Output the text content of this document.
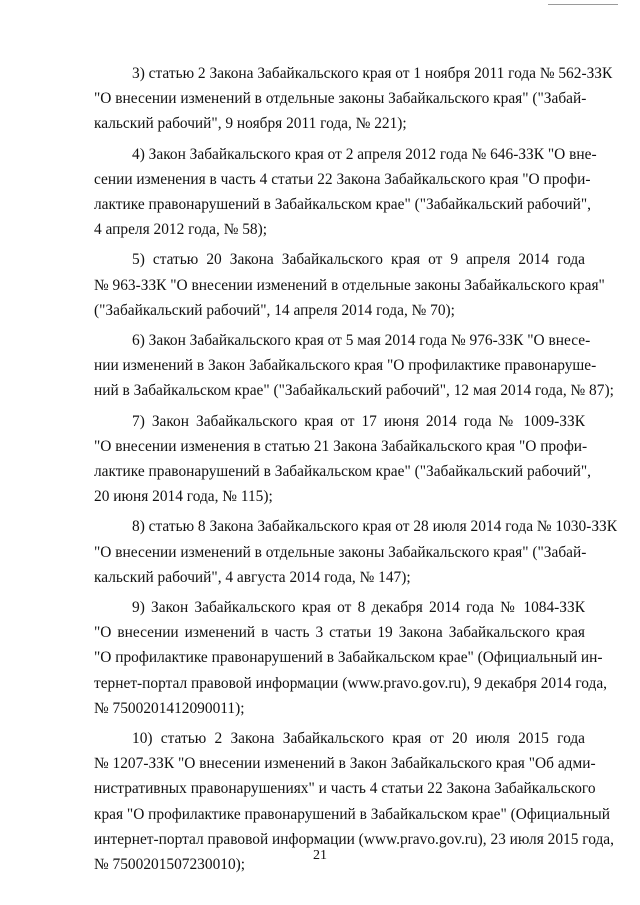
3) статью 2 Закона Забайкальского края от 1 ноября 2011 года № 562-ЗЗК
"О внесении изменений в отдельные законы Забайкальского края" ("Забай-
кальский рабочий", 9 ноября 2011 года, № 221);
4) Закон Забайкальского края от 2 апреля 2012 года № 646-ЗЗК "О вне-
сении изменения в часть 4 статьи 22 Закона Забайкальского края "О профи-
лактике правонарушений в Забайкальском крае" ("Забайкальский рабочий",
4 апреля 2012 года, № 58);
5) статью 20 Закона Забайкальского края от 9 апреля 2014 года
№ 963-ЗЗК "О внесении изменений в отдельные законы Забайкальского края"
("Забайкальский рабочий", 14 апреля 2014 года, № 70);
6) Закон Забайкальского края от 5 мая 2014 года № 976-ЗЗК "О внесе-
нии изменений в Закон Забайкальского края "О профилактике правонаруше-
ний в Забайкальском крае" ("Забайкальский рабочий", 12 мая 2014 года, № 87);
7) Закон Забайкальского края от 17 июня 2014 года № 1009-ЗЗК
"О внесении изменения в статью 21 Закона Забайкальского края "О профи-
лактике правонарушений в Забайкальском крае" ("Забайкальский рабочий",
20 июня 2014 года, № 115);
8) статью 8 Закона Забайкальского края от 28 июля 2014 года № 1030-ЗЗК
"О внесении изменений в отдельные законы Забайкальского края" ("Забай-
кальский рабочий", 4 августа 2014 года, № 147);
9) Закон Забайкальского края от 8 декабря 2014 года № 1084-ЗЗК
"О внесении изменений в часть 3 статьи 19 Закона Забайкальского края
"О профилактике правонарушений в Забайкальском крае" (Официальный ин-
тернет-портал правовой информации (www.pravo.gov.ru), 9 декабря 2014 года,
№ 7500201412090011);
10) статью 2 Закона Забайкальского края от 20 июля 2015 года
№ 1207-ЗЗК "О внесении изменений в Закон Забайкальского края "Об адми-
нистративных правонарушениях" и часть 4 статьи 22 Закона Забайкальского
края "О профилактике правонарушений в Забайкальском крае" (Официальный
интернет-портал правовой информации (www.pravo.gov.ru), 23 июля 2015 года,
№ 7500201507230010);
21
